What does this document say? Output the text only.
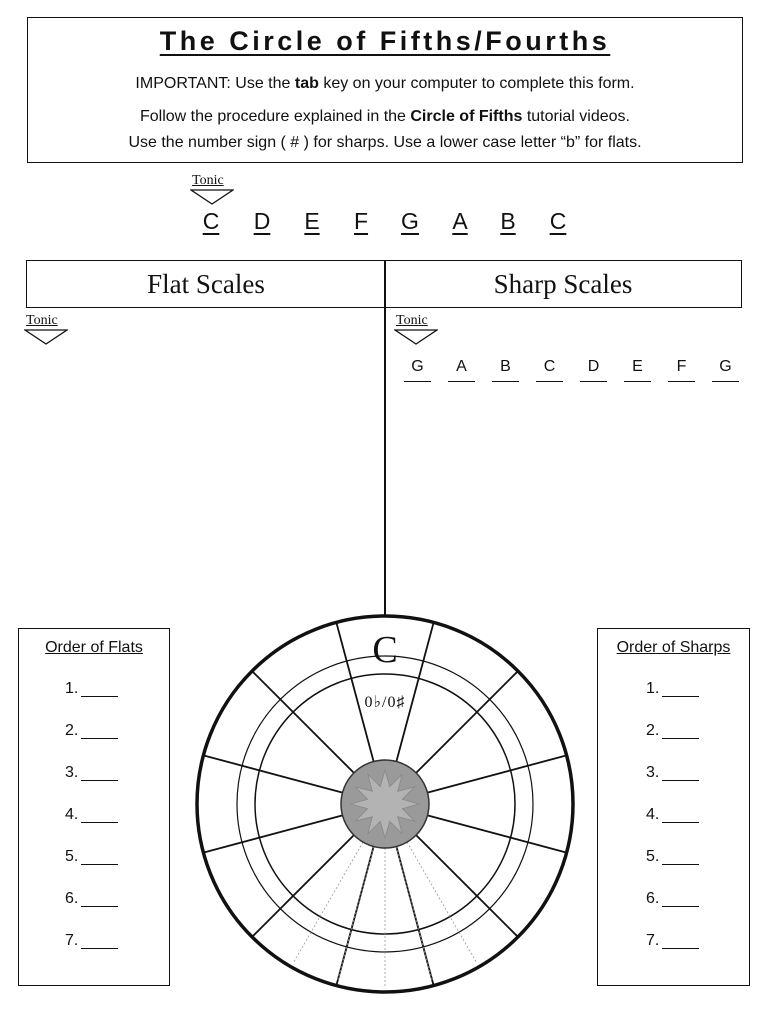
The Circle of Fifths/Fourths
IMPORTANT: Use the tab key on your computer to complete this form.
Follow the procedure explained in the Circle of Fifths tutorial videos.
Use the number sign ( # ) for sharps. Use a lower case letter “b” for flats.
Tonic
C D	E	F	G	A	B	C
Flat Scales	Sharp Scales
Tonic	Tonic
G	A	B	C	D	E	F	G
Order of Flats
1.
2.
3.
4.
5.
6.
7.
Order of Sharps
1.
2.
3.
4.
5.
6.
7.
C
0♭/0♯
